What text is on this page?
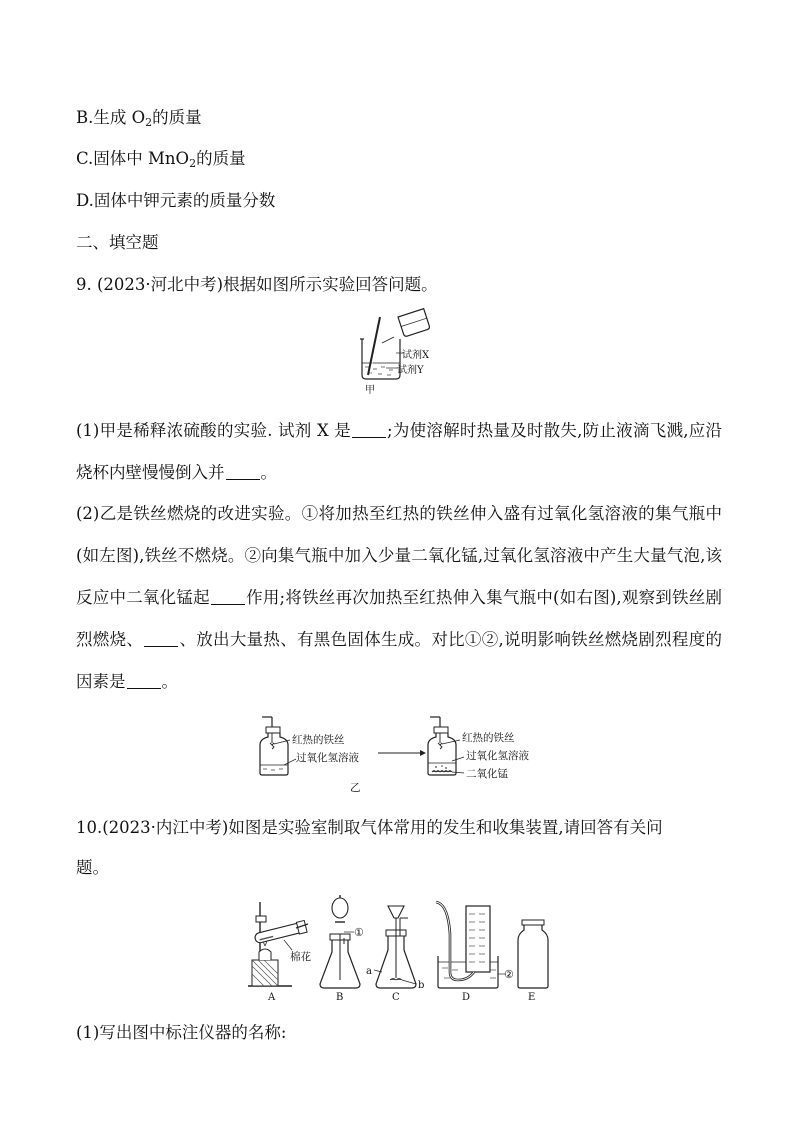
B.生成 $O_2$的质量
C.固体中 MnO$_2$的质量
D.固体中钾元素的质量分数
二、填空题
9. (2023·河北中考)根据如图所示实验回答问题。
试剂X
试剂Y
甲
(1)甲是稀释浓硫酸的实验. 试剂 X 是 ;为使溶解时热量及时散失,防止液滴飞溅,应沿烧杯内壁慢慢倒入并 。
(2)乙是铁丝燃烧的改进实验。①将加热至红热的铁丝伸入盛有过氧化氢溶液的集气瓶中(如左图),铁丝不燃烧。②向集气瓶中加入少量二氧化锰,过氧化氢溶液中产生大量气泡,该反应中二氧化锰起 作用;将铁丝再次加热至红热伸入集气瓶中(如右图),观察到铁丝剧烈燃烧、 、放出大量热、有黑色固体生成。对比①②,说明影响铁丝燃烧剧烈程度的因素是 。
红热的铁丝
过氧化氢溶液
红热的铁丝
过氧化氢溶液
二氧化锰
乙
10.(2023·内江中考)如图是实验室制取气体常用的发生和收集装置,请回答有关问
题。
棉花
A
①
B
a
b
C
②
D	E
(1)写出图中标注仪器的名称:
